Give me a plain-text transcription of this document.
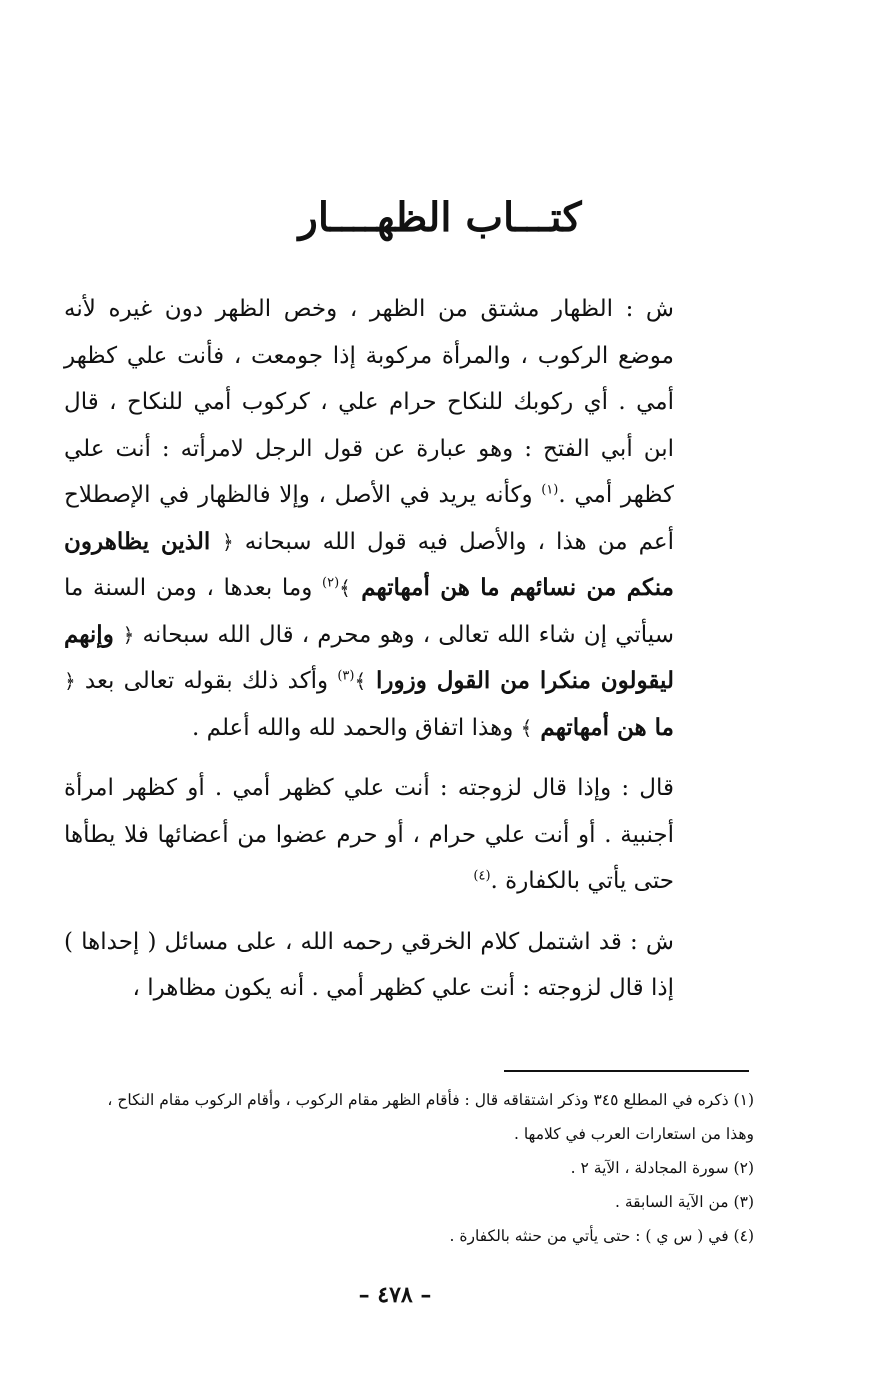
كتـــاب الظهــــار

ش : الظهار مشتق من الظهر ، وخص الظهر دون غيره لأنه موضع الركوب ، والمرأة مركوبة إذا جومعت ، فأنت علي كظهر أمي . أي ركوبك للنكاح حرام علي ، كركوب أمي للنكاح ، قال ابن أبي الفتح : وهو عبارة عن قول الرجل لامرأته : أنت علي كظهر أمي .$^{(١)}$ وكأنه يريد في الأصل ، وإلا فالظهار في الإصطلاح أعم من هذا ، والأصل فيه قول الله سبحانه ﴿ الذين يظاهرون منكم من نسائهم ما هن أمهاتهم ﴾$^{(٢)}$ وما بعدها ، ومن السنة ما سيأتي إن شاء الله تعالى ، وهو محرم ، قال الله سبحانه ﴿ وإنهم ليقولون منكرا من القول وزورا ﴾$^{(٣)}$ وأكد ذلك بقوله تعالى بعد ﴿ ما هن أمهاتهم ﴾ وهذا اتفاق والحمد لله والله أعلم .

قال : وإذا قال لزوجته : أنت علي كظهر أمي . أو كظهر امرأة أجنبية . أو أنت علي حرام ، أو حرم عضوا من أعضائها فلا يطأها حتى يأتي بالكفارة .$^{(٤)}$

ش : قد اشتمل كلام الخرقي رحمه الله ، على مسائل ( إحداها ) إذا قال لزوجته : أنت علي كظهر أمي . أنه يكون مظاهرا ،

(١) ذكره في المطلع ٣٤٥ وذكر اشتقاقه قال : فأقام الظهر مقام الركوب ، وأقام الركوب مقام النكاح ،

وهذا من استعارات العرب في كلامها .

(٢) سورة المجادلة ، الآية ٢ .

(٣) من الآية السابقة .

(٤) في ( س ي ) : حتى يأتي من حنثه بالكفارة .

– ٤٧٨ –
